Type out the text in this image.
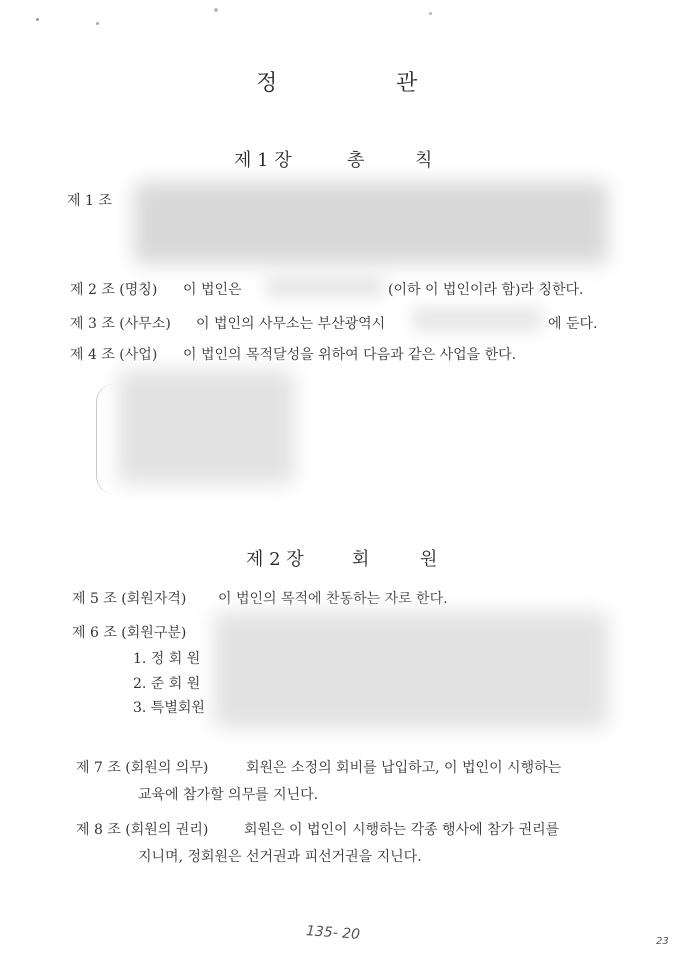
정	관
제 1 장	총	칙
제 1 조
제 2 조 (명칭) 이 법인은	(이하 이 법인이라 함)라 칭한다.
제 3 조 (사무소) 이 법인의 사무소는 부산광역시	에 둔다.
제 4 조 (사업) 이 법인의 목적달성을 위하여 다음과 같은 사업을 한다.
제 2 장	회	원
제 5 조 (회원자격) 이 법인의 목적에 찬동하는 자로 한다.
제 6 조 (회원구분)
1. 정 회 원
2. 준 회 원
3. 특별회원
제 7 조 (회원의 의무)	회원은 소정의 회비를 납입하고, 이 법인이 시행하는
교육에 참가할 의무를 지닌다.
제 8 조 (회원의 권리)	회원은 이 법인이 시행하는 각종 행사에 참가 권리를
지니며, 정회원은 선거권과 피선거권을 지닌다.
135- 20	23
